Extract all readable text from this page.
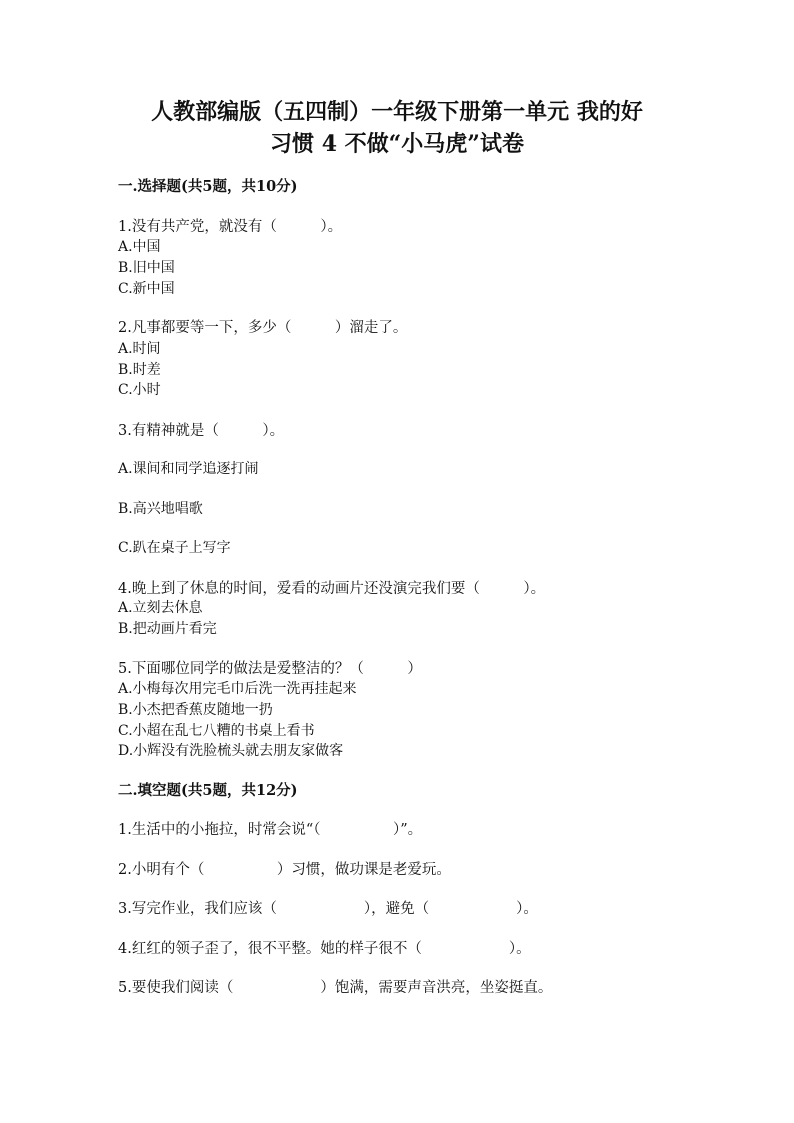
人教部编版（五四制）一年级下册第一单元 我的好
习惯 4 不做“小马虎”试卷

一.选择题(共5题，共10分)

1.没有共产党，就没有（　　　）。

A.中国

B.旧中国

C.新中国

2.凡事都要等一下，多少（　　　）溜走了。

A.时间

B.时差

C.小时

3.有精神就是（　　　）。

A.课间和同学追逐打闹

B.高兴地唱歌

C.趴在桌子上写字

4.晚上到了休息的时间，爱看的动画片还没演完我们要（　　　）。

A.立刻去休息

B.把动画片看完

5.下面哪位同学的做法是爱整洁的？（　　　）

A.小梅每次用完毛巾后洗一洗再挂起来

B.小杰把香蕉皮随地一扔

C.小超在乱七八糟的书桌上看书

D.小辉没有洗脸梳头就去朋友家做客

二.填空题(共5题，共12分)

1.生活中的小拖拉，时常会说“（　　　　　）”。

2.小明有个（　　　　　）习惯，做功课是老爱玩。

3.写完作业，我们应该（　　　　　　），避免（　　　　　　）。

4.红红的领子歪了，很不平整。她的样子很不（　　　　　　）。

5.要使我们阅读（　　　　　　）饱满，需要声音洪亮，坐姿挺直。
